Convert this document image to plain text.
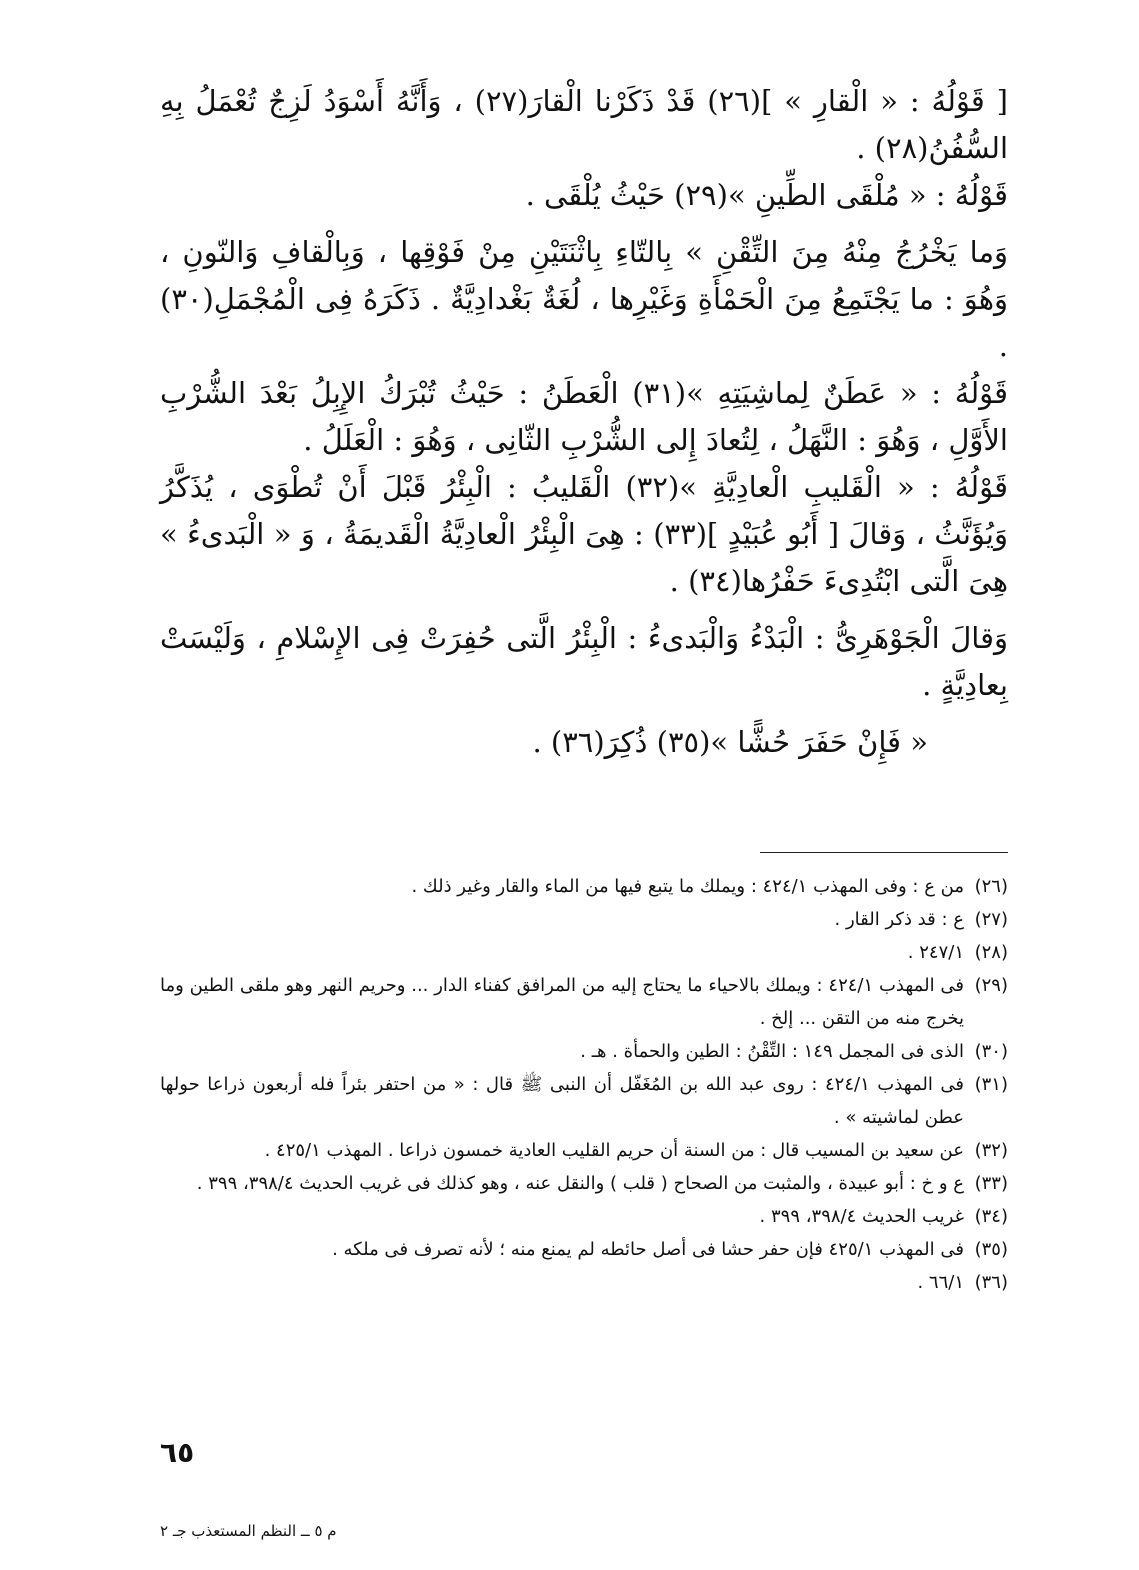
[ قَوْلُهُ : « الْقارِ » ](٢٦) قَدْ ذَكَرْنا الْقارَ(٢٧) ، وَأَنَّهُ أَسْوَدُ لَزِجٌ تُعْمَلُ بِهِ السُّفُنُ(٢٨) .

قَوْلُهُ : « مُلْقَى الطِّينِ »(٢٩) حَيْثُ يُلْقَى .

وَما يَخْرُجُ مِنْهُ مِنَ التِّقْنِ » بِالتّاءِ بِاثْنَتَيْنِ مِنْ فَوْقِها ، وَبِالْقافِ وَالنّونِ ، وَهُوَ : ما يَجْتَمِعُ مِنَ الْحَمْأَةِ وَغَيْرِها ، لُغَةٌ بَغْدادِيَّةٌ . ذَكَرَهُ فِى الْمُجْمَلِ(٣٠) .

قَوْلُهُ : « عَطَنٌ لِماشِيَتِهِ »(٣١) الْعَطَنُ : حَيْثُ تُبْرَكُ الإِبِلُ بَعْدَ الشُّرْبِ الأَوَّلِ ، وَهُوَ : النَّهَلُ ، لِتُعادَ إِلى الشُّرْبِ الثّانِى ، وَهُوَ : الْعَلَلُ .

قَوْلُهُ : « الْقَليبِ الْعادِيَّةِ »(٣٢) الْقَليبُ : الْبِئْرُ قَبْلَ أَنْ تُطْوَى ، يُذَكَّرُ وَيُؤَنَّثُ ، وَقالَ [ أَبُو عُبَيْدٍ ](٣٣) : هِىَ الْبِئْرُ الْعادِيَّةُ الْقَديمَةُ ، وَ « الْبَدىءُ » هِىَ الَّتى ابْتُدِىءَ حَفْرُها(٣٤) .

وَقالَ الْجَوْهَرِىُّ : الْبَدْءُ وَالْبَدىءُ : الْبِئْرُ الَّتى حُفِرَتْ فِى الإِسْلامِ ، وَلَيْسَتْ بِعادِيَّةٍ .

« فَإِنْ حَفَرَ حُشًّا »(٣٥) ذُكِرَ(٣٦) .

(٢٦)
من ع : وفى المهذب ٤٢٤/١ : ويملك ما يتبع فيها من الماء والقار وغير ذلك .
(٢٧)
ع : قد ذكر القار .
(٢٨)
٢٤٧/١ .
(٢٩)
فى المهذب ٤٢٤/١ : ويملك بالاحياء ما يحتاج إليه من المرافق كفناء الدار ... وحريم النهر وهو ملقى الطين وما يخرج منه من التقن ... إلخ .
(٣٠)
الذى فى المجمل ١٤٩ : التِّقْنُ : الطين والحمأة . هـ .
(٣١)
فى المهذب ٤٢٤/١ : روى عبد الله بن المُغَفّل أن النبى ﷺ قال : « من احتفر بئراً فله أربعون ذراعا حولها عطن لماشيته » .
(٣٢)
عن سعيد بن المسيب قال : من السنة أن حريم القليب العادية خمسون ذراعا . المهذب ٤٢٥/١ .
(٣٣)
ع و خ : أبو عبيدة ، والمثبت من الصحاح ( قلب ) والنقل عنه ، وهو كذلك فى غريب الحديث ٣٩٨/٤، ٣٩٩ .
(٣٤)
غريب الحديث ٣٩٨/٤، ٣٩٩ .
(٣٥)
فى المهذب ٤٢٥/١ فإن حفر حشا فى أصل حائطه لم يمنع منه ؛ لأنه تصرف فى ملكه .
(٣٦)
٦٦/١ .
٦٥
م ٥ ــ النظم المستعذب جـ ٢
